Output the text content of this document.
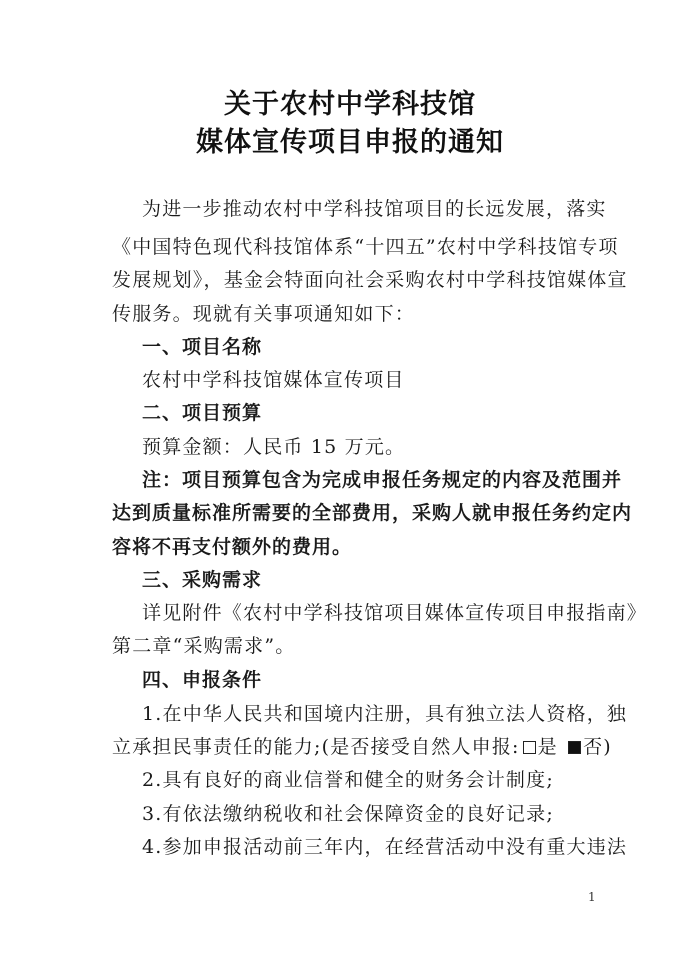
关于农村中学科技馆
媒体宣传项目申报的通知
为进一步推动农村中学科技馆项目的长远发展，落实
《中国特色现代科技馆体系“十四五”农村中学科技馆专项
发展规划》，基金会特面向社会采购农村中学科技馆媒体宣
传服务。现就有关事项通知如下：
一、项目名称
农村中学科技馆媒体宣传项目
二、项目预算
预算金额：人民币 15 万元。
注：项目预算包含为完成申报任务规定的内容及范围并
达到质量标准所需要的全部费用，采购人就申报任务约定内
容将不再支付额外的费用。
三、采购需求
详见附件《农村中学科技馆项目媒体宣传项目申报指南》
第二章“采购需求”。
四、申报条件
1.在中华人民共和国境内注册，具有独立法人资格，独
立承担民事责任的能力;(是否接受自然人申报: 是 否)
2.具有良好的商业信誉和健全的财务会计制度;
3.有依法缴纳税收和社会保障资金的良好记录;
4.参加申报活动前三年内，在经营活动中没有重大违法
1
